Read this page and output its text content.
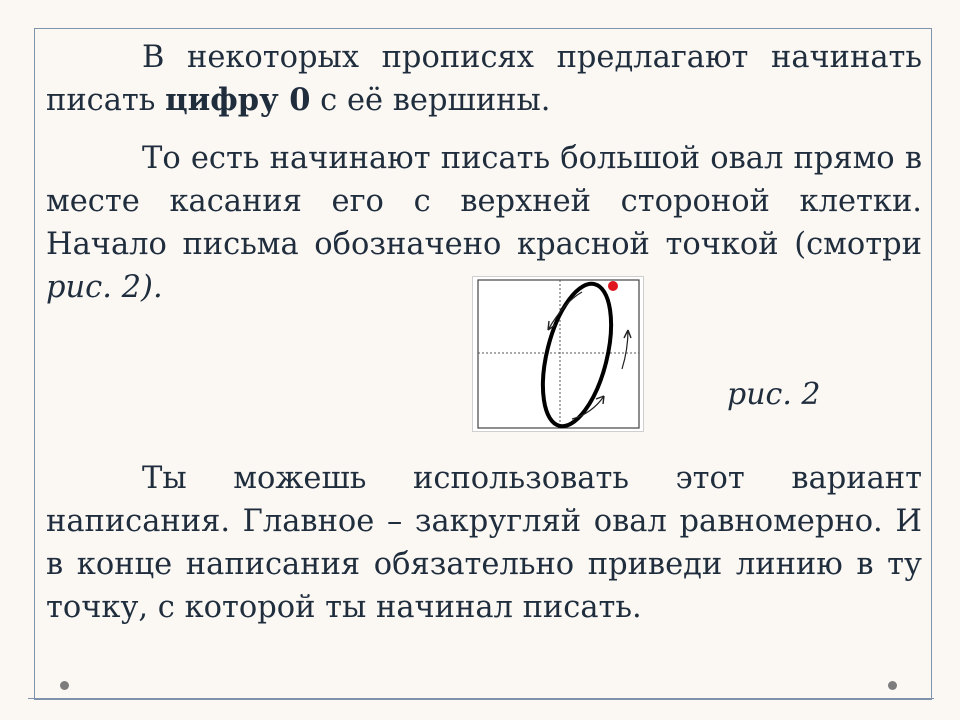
В некоторых прописях предлагают начинать писать цифру 0 с её вершины.

То есть начинают писать большой овал прямо в месте касания его с верхней стороной клетки. Начало письма обозначено красной точкой (смотри рис. 2).

рис. 2

Ты можешь использовать этот вариант написания. Главное – закругляй овал равномерно. И в конце написания обязательно приведи линию в ту точку, с которой ты начинал писать.
